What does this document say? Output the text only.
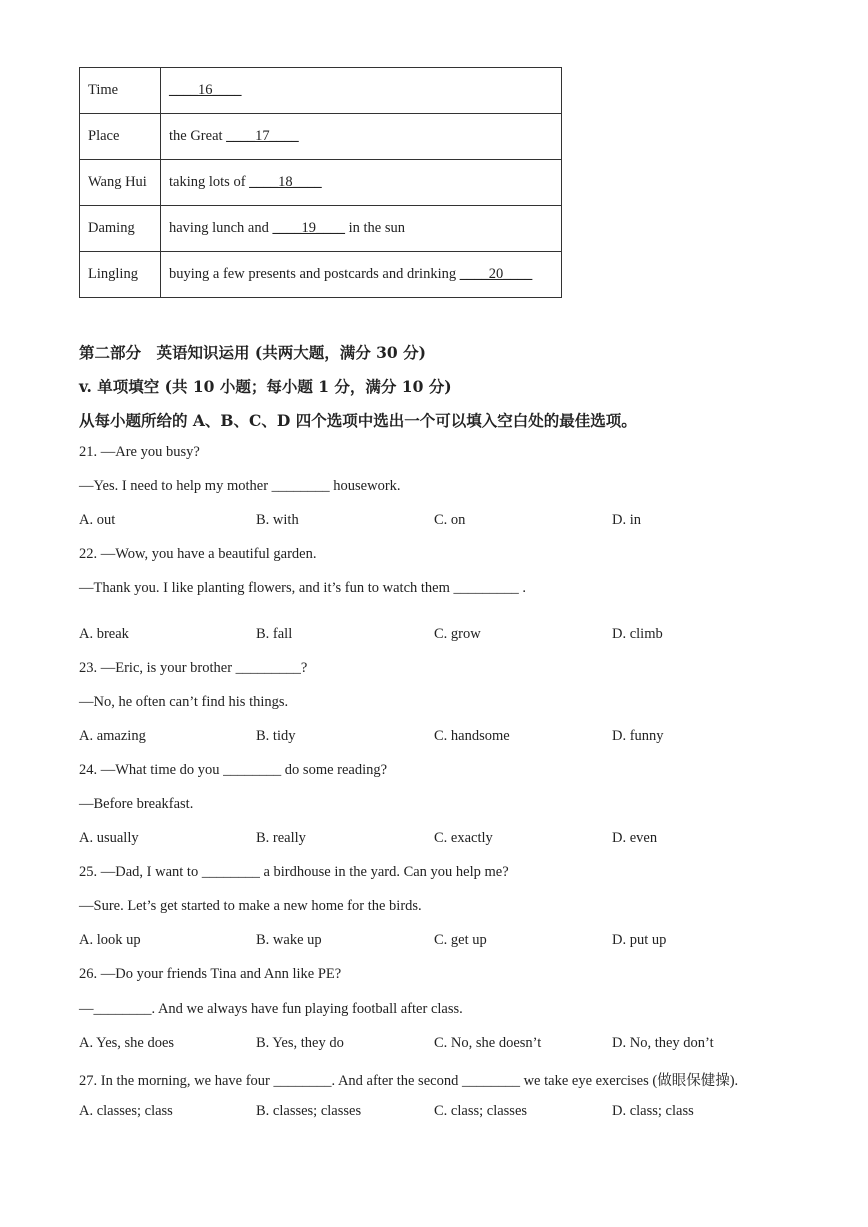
Time	____16____
Place	the Great ____17____
Wang Hui	taking lots of ____18____
Daming	having lunch and ____19____ in the sun
Lingling	buying a few presents and postcards and drinking ____20____
第二部分　英语知识运用 (共两大题，满分 30 分)
v. 单项填空 (共 10 小题；每小题 1 分，满分 10 分)
从每小题所给的 A、B、C、D 四个选项中选出一个可以填入空白处的最佳选项。
21. —Are you busy?
—Yes. I need to help my mother ________ housework.
A. out	B. with	C. on	D. in
22. —Wow, you have a beautiful garden.
—Thank you. I like planting flowers, and it’s fun to watch them _________ .
A. break	B. fall	C. grow	D. climb
23. —Eric, is your brother _________?
—No, he often can’t find his things.
A. amazing	B. tidy	C. handsome	D. funny
24. —What time do you ________ do some reading?
—Before breakfast.
A. usually	B. really	C. exactly	D. even
25. —Dad, I want to ________ a birdhouse in the yard. Can you help me?
—Sure. Let’s get started to make a new home for the birds.
A. look up	B. wake up	C. get up	D. put up
26. —Do your friends Tina and Ann like PE?
—________. And we always have fun playing football after class.
A. Yes, she does	B. Yes, they do	C. No, she doesn’t	D. No, they don’t
27. In the morning, we have four ________. And after the second ________ we take eye exercises (做眼保健操).
A. classes; class	B. classes; classes	C. class; classes	D. class; class
